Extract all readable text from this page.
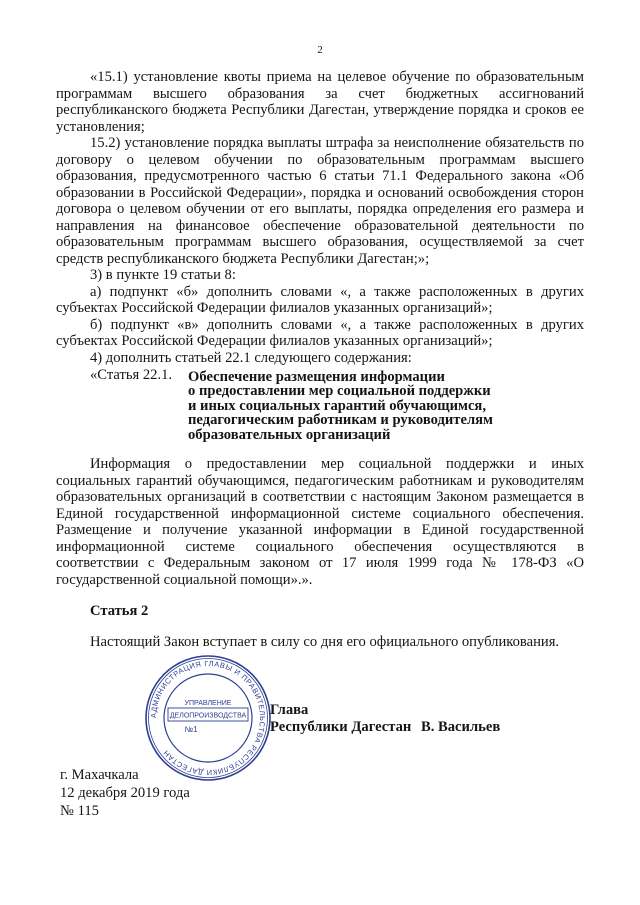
2

«15.1) установление квоты приема на целевое обучение по образовательным программам высшего образования за счет бюджетных ассигнований республиканского бюджета Республики Дагестан, утверждение порядка и сроков ее установления;

15.2) установление порядка выплаты штрафа за неисполнение обязательств по договору о целевом обучении по образовательным программам высшего образования, предусмотренного частью 6 статьи 71.1 Федерального закона «Об образовании в Российской Федерации», порядка и оснований освобождения сторон договора о целевом обучении от его выплаты, порядка определения его размера и направления на финансовое обеспечение образовательной деятельности по образовательным программам высшего образования, осуществляемой за счет средств республиканского бюджета Республики Дагестан;»;

3) в пункте 19 статьи 8:

а) подпункт «б» дополнить словами «, а также расположенных в других субъектах Российской Федерации филиалов указанных организаций»;

б) подпункт «в» дополнить словами «, а также расположенных в других субъектах Российской Федерации филиалов указанных организаций»;

4) дополнить статьей 22.1 следующего содержания:

«Статья 22.1.	Обеспечение размещения информации
о предоставлении мер социальной поддержки
и иных социальных гарантий обучающимся,
педагогическим работникам и руководителям
образовательных организаций

Информация о предоставлении мер социальной поддержки и иных социальных гарантий обучающимся, педагогическим работникам и руководителям образовательных организаций в соответствии с настоящим Законом размещается в Единой государственной информационной системе социального обеспечения. Размещение и получение указанной информации в Единой государственной информационной системе социального обеспечения осуществляются в соответствии с Федеральным законом от 17 июля 1999 года № 178-ФЗ «О государственной социальной помощи».».

Статья 2

Настоящий Закон вступает в силу со дня его официального опубликования.

АДМИНИСТРАЦИЯ ГЛАВЫ И ПРАВИТЕЛЬСТВА РЕСПУБЛИКИ ДАГЕСТАН
УПРАВЛЕНИЕ
ДЕЛОПРОИЗВОДСТВА
№1
Глава
Республики Дагестан В. Васильев
г. Махачкала
12 декабря 2019 года
№ 115
